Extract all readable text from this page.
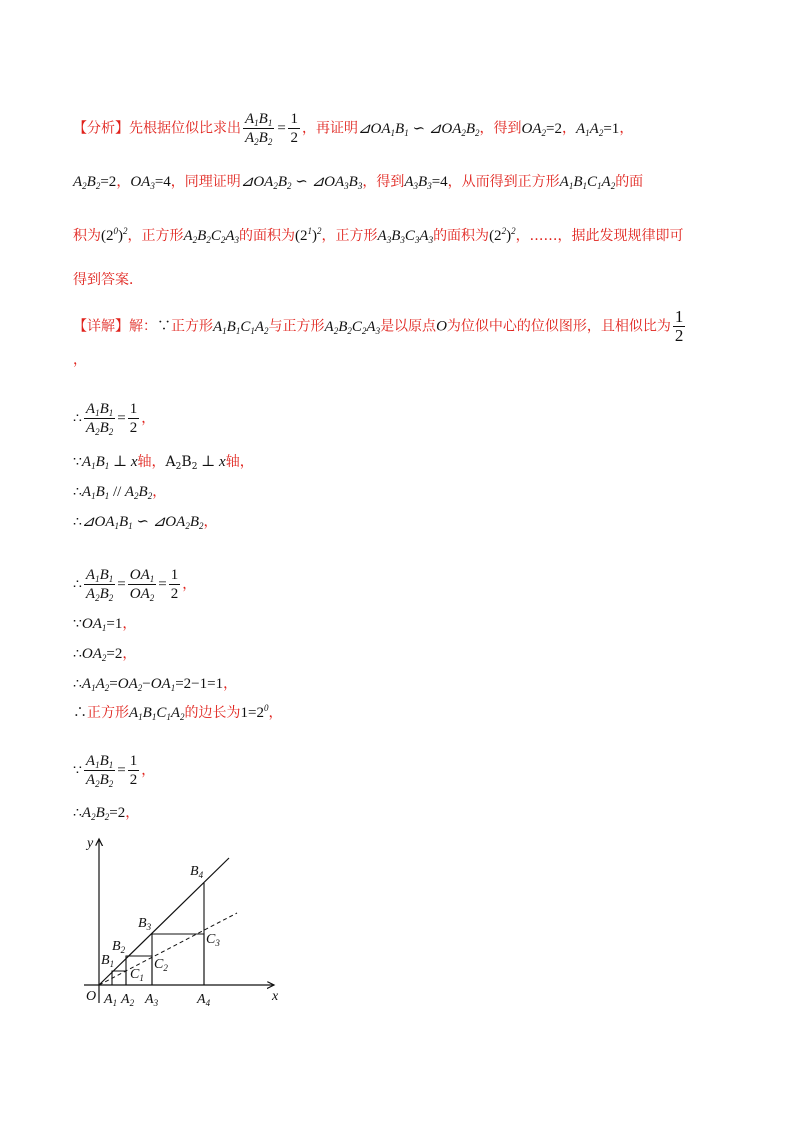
【分析】先根据位似比求出 $\frac{A_1B_1}{A_2B_2} = \frac{1}{2}$ ，再证明$⊿OA_1B_1$ ∽ $⊿OA_2B_2$，得到$OA_2=2$，$A_1A_2=1$，
$A_2B_2=2$，$OA_3=4$，同理证明$⊿OA_2B_2$ ∽ $⊿OA_3B_3$，得到$A_3B_3=4$，从而得到正方形$A_1B_1C_1A_2$的面
积为$(2^0)^2$，正方形$A_2B_2C_2A_3$的面积为$(2^1)^2$，正方形$A_3B_3C_3A_3$的面积为$(2^2)^2$，……，据此发现规律即可
得到答案．
【详解】解：∵正方形$A_1B_1C_1A_2$与正方形$A_2B_2C_2A_3$是以原点O为位似中心的位似图形，且相似比为 $\frac{1}{2}$
，
∴ $\frac{A_1B_1}{A_2B_2} = \frac{1}{2}$ ，
$\because A_1B_1$ ⊥ x轴，$A_2B_2$ ⊥ x轴，
$\therefore A_1B_1 // A_2B_2$，
$\therefore⊿OA_1B_1$ ∽ $⊿OA_2B_2$，
∴ $\frac{A_1B_1}{A_2B_2} = \frac{OA_1}{OA_2} = \frac{1}{2}$ ，
$\because OA_1=1$，
$\therefore OA_2=2$，
$\therefore A_1A_2=OA_2-OA_1=2-1=1$，
∴正方形$A_1B_1C_1A_2$的边长为$1=2^0$，
∵ $\frac{A_1B_1}{A_2B_2} = \frac{1}{2}$ ，
$\therefore A_2B_2=2$，
y
x
O $A_1$ $A_2$ $A_3$	$A_4$
$B_1$
$B_2$
$B_3$
$B_4$
$C_1$
$C_2$
$C_3$
